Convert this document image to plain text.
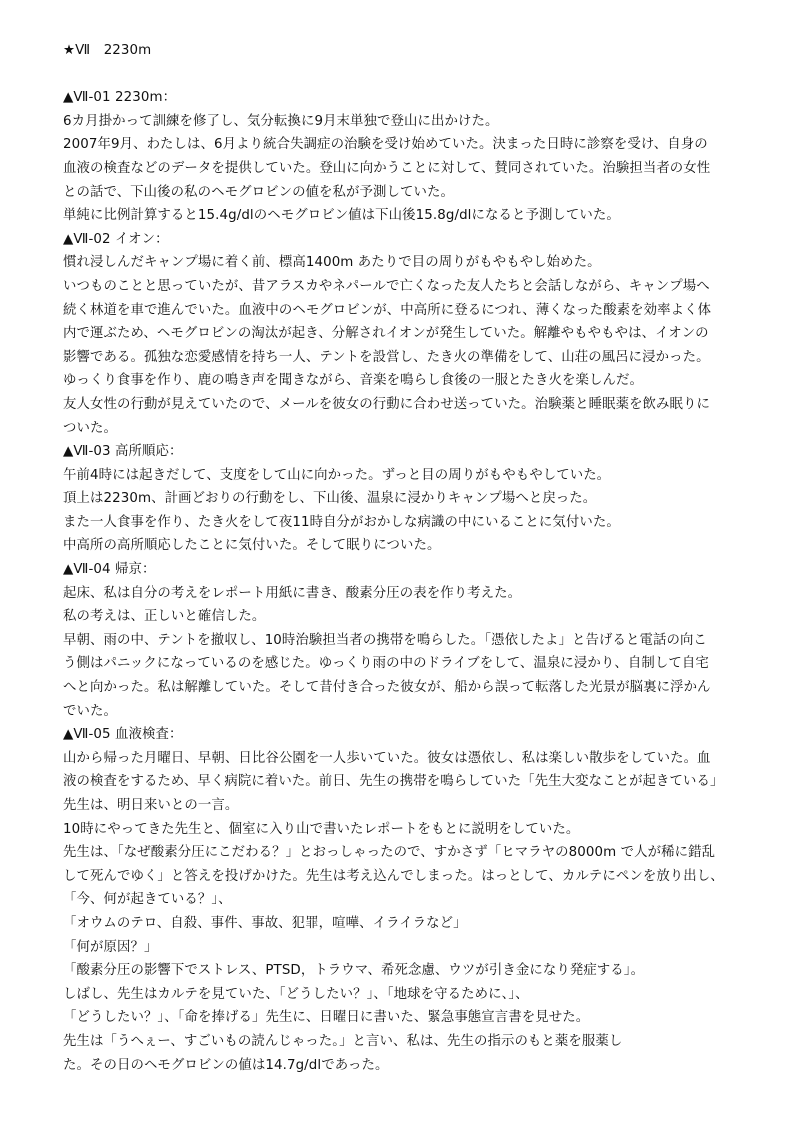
★Ⅶ　2230m
▲Ⅶ-01 2230m：
6カ月掛かって訓練を修了し、気分転換に9月末単独で登山に出かけた。
2007年9月、わたしは、6月より統合失調症の治験を受け始めていた。決まった日時に診察を受け、自身の
血液の検査などのデータを提供していた。登山に向かうことに対して、賛同されていた。治験担当者の女性
との話で、下山後の私のヘモグロビンの値を私が予測していた。
単純に比例計算すると15.4g/dlのヘモグロビン値は下山後15.8g/dlになると予測していた。
▲Ⅶ-02 イオン：
慣れ浸しんだキャンプ場に着く前、標高1400m あたりで目の周りがもやもやし始めた。
いつものことと思っていたが、昔アラスカやネパールで亡くなった友人たちと会話しながら、キャンプ場へ
続く林道を車で進んでいた。血液中のヘモグロビンが、中高所に登るにつれ、薄くなった酸素を効率よく体
内で運ぶため、ヘモグロビンの淘汰が起き、分解されイオンが発生していた。解離やもやもやは、イオンの
影響である。孤独な恋愛感情を持ち一人、テントを設営し、たき火の準備をして、山荘の風呂に浸かった。
ゆっくり食事を作り、鹿の鳴き声を聞きながら、音楽を鳴らし食後の一服とたき火を楽しんだ。
友人女性の行動が見えていたので、メールを彼女の行動に合わせ送っていた。治験薬と睡眠薬を飲み眠りに
ついた。
▲Ⅶ-03 高所順応：
午前4時には起きだして、支度をして山に向かった。ずっと目の周りがもやもやしていた。
頂上は2230m、計画どおりの行動をし、下山後、温泉に浸かりキャンプ場へと戻った。
また一人食事を作り、たき火をして夜11時自分がおかしな病識の中にいることに気付いた。
中高所の高所順応したことに気付いた。そして眠りについた。
▲Ⅶ-04 帰京：
起床、私は自分の考えをレポート用紙に書き、酸素分圧の表を作り考えた。
私の考えは、正しいと確信した。
早朝、雨の中、テントを撤収し、10時治験担当者の携帯を鳴らした。「憑依したよ」と告げると電話の向こ
う側はパニックになっているのを感じた。ゆっくり雨の中のドライブをして、温泉に浸かり、自制して自宅
へと向かった。私は解離していた。そして昔付き合った彼女が、船から誤って転落した光景が脳裏に浮かん
でいた。
▲Ⅶ-05 血液検査：
山から帰った月曜日、早朝、日比谷公園を一人歩いていた。彼女は憑依し、私は楽しい散歩をしていた。血
液の検査をするため、早く病院に着いた。前日、先生の携帯を鳴らしていた「先生大変なことが起きている」
先生は、明日来いとの一言。
10時にやってきた先生と、個室に入り山で書いたレポートをもとに説明をしていた。
先生は、「なぜ酸素分圧にこだわる？」とおっしゃったので、すかさず「ヒマラヤの8000m で人が稀に錯乱
して死んでゆく」と答えを投げかけた。先生は考え込んでしまった。はっとして、カルテにペンを放り出し、
「今、何が起きている？」、
「オウムのテロ、自殺、事件、事故、犯罪，喧嘩、イライラなど」
「何が原因？」
「酸素分圧の影響下でストレス、PTSD，トラウマ、希死念慮、ウツが引き金になり発症する」。
しばし、先生はカルテを見ていた、「どうしたい？」、「地球を守るために、」、
「どうしたい？」、「命を捧げる」先生に、日曜日に書いた、緊急事態宣言書を見せた。
先生は「うへぇー、すごいもの読んじゃった。」と言い、私は、先生の指示のもと薬を服薬し
た。その日のヘモグロビンの値は14.7g/dlであった。
